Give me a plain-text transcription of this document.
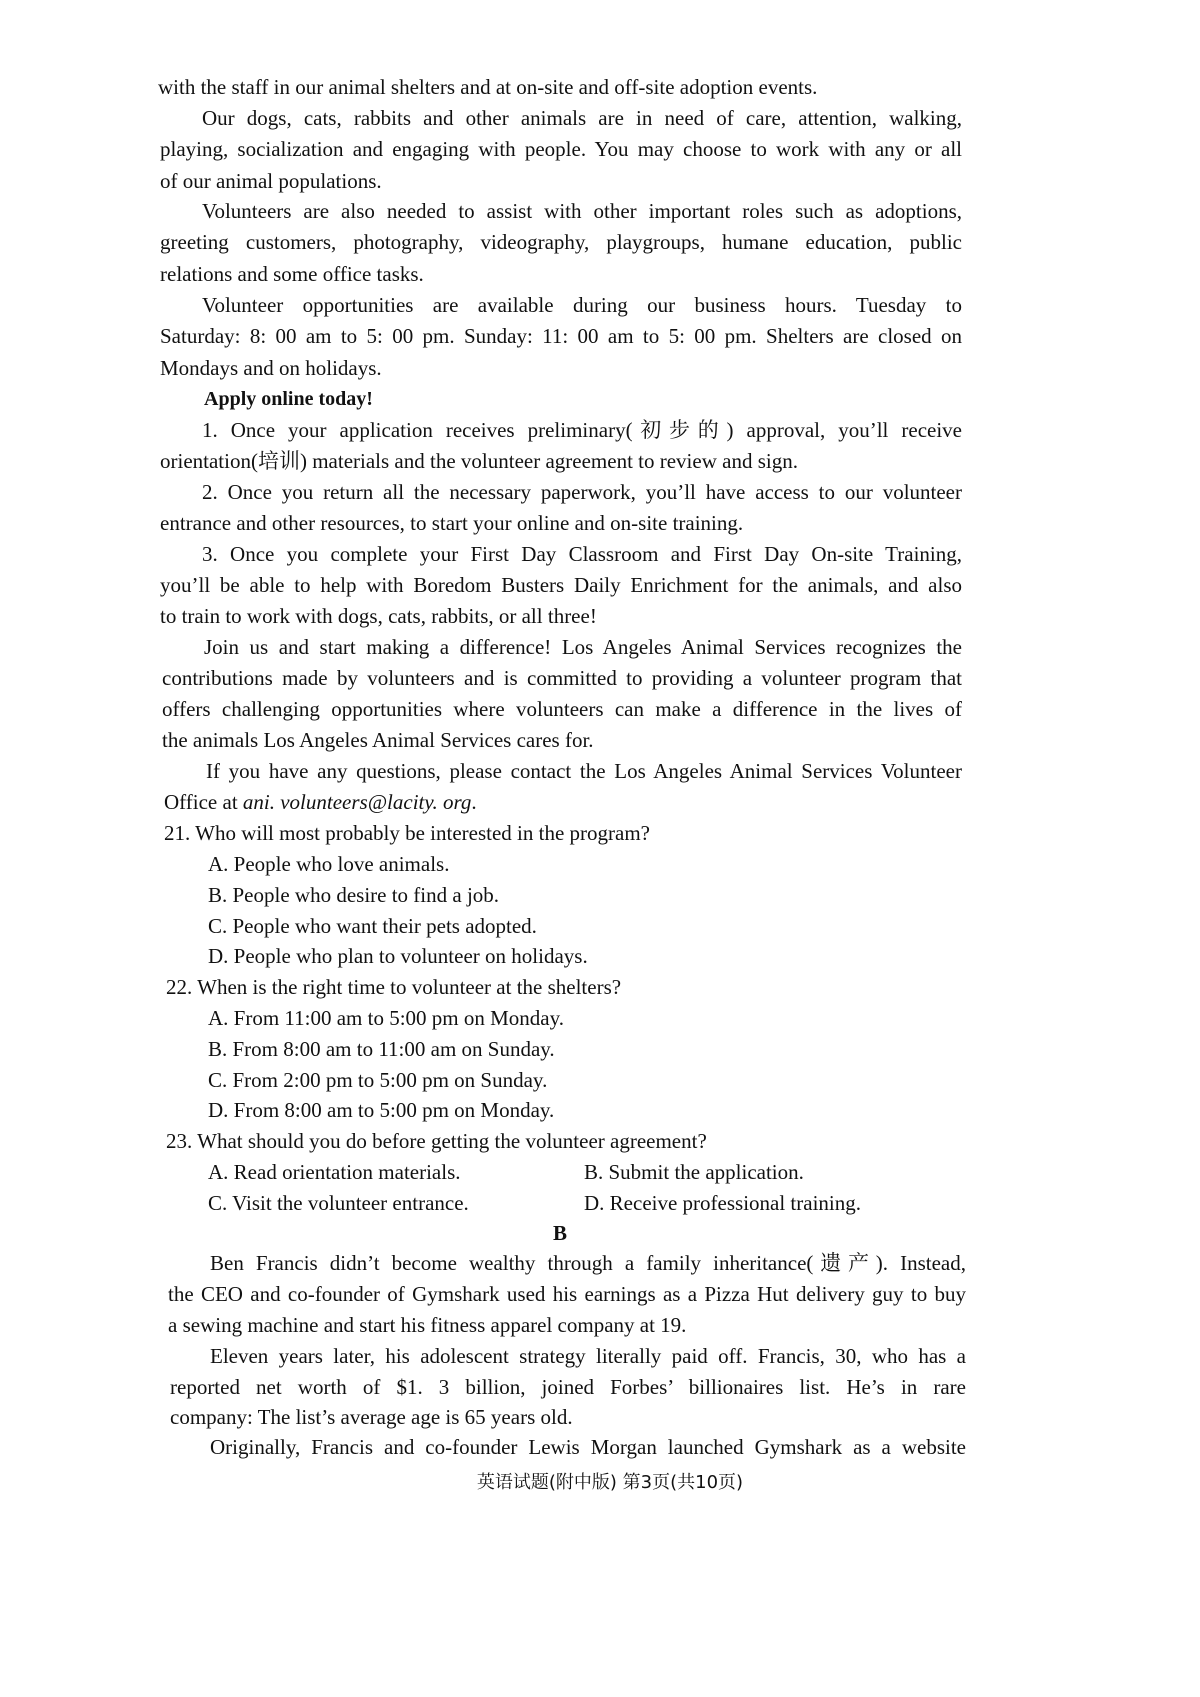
with the staff in our animal shelters and at on-site and off-site adoption events.
Our dogs, cats, rabbits and other animals are in need of care, attention, walking,
playing, socialization and engaging with people. You may choose to work with any or all
of our animal populations.
Volunteers are also needed to assist with other important roles such as adoptions,
greeting customers, photography, videography, playgroups, humane education, public
relations and some office tasks.
Volunteer opportunities are available during our business hours. Tuesday to
Saturday: 8: 00 am to 5: 00 pm. Sunday: 11: 00 am to 5: 00 pm. Shelters are closed on
Mondays and on holidays.
Apply online today!
1. Once your application receives preliminary(初步的) approval, you’ll receive
orientation(培训) materials and the volunteer agreement to review and sign.
2. Once you return all the necessary paperwork, you’ll have access to our volunteer
entrance and other resources, to start your online and on-site training.
3. Once you complete your First Day Classroom and First Day On-site Training,
you’ll be able to help with Boredom Busters Daily Enrichment for the animals, and also
to train to work with dogs, cats, rabbits, or all three!
Join us and start making a difference! Los Angeles Animal Services recognizes the
contributions made by volunteers and is committed to providing a volunteer program that
offers challenging opportunities where volunteers can make a difference in the lives of
the animals Los Angeles Animal Services cares for.
If you have any questions, please contact the Los Angeles Animal Services Volunteer
Office at ani. volunteers@lacity. org.
21. Who will most probably be interested in the program?
A. People who love animals.
B. People who desire to find a job.
C. People who want their pets adopted.
D. People who plan to volunteer on holidays.
22. When is the right time to volunteer at the shelters?
A. From 11:00 am to 5:00 pm on Monday.
B. From 8:00 am to 11:00 am on Sunday.
C. From 2:00 pm to 5:00 pm on Sunday.
D. From 8:00 am to 5:00 pm on Monday.
23. What should you do before getting the volunteer agreement?
A. Read orientation materials.	B. Submit the application.
C. Visit the volunteer entrance.	D. Receive professional training.
B
Ben Francis didn’t become wealthy through a family inheritance(遗产). Instead,
the CEO and co-founder of Gymshark used his earnings as a Pizza Hut delivery guy to buy
a sewing machine and start his fitness apparel company at 19.
Eleven years later, his adolescent strategy literally paid off. Francis, 30, who has a
reported net worth of $1. 3 billion, joined Forbes’ billionaires list. He’s in rare
company: The list’s average age is 65 years old.
Originally, Francis and co-founder Lewis Morgan launched Gymshark as a website
英语试题(附中版) 第3页(共10页)
